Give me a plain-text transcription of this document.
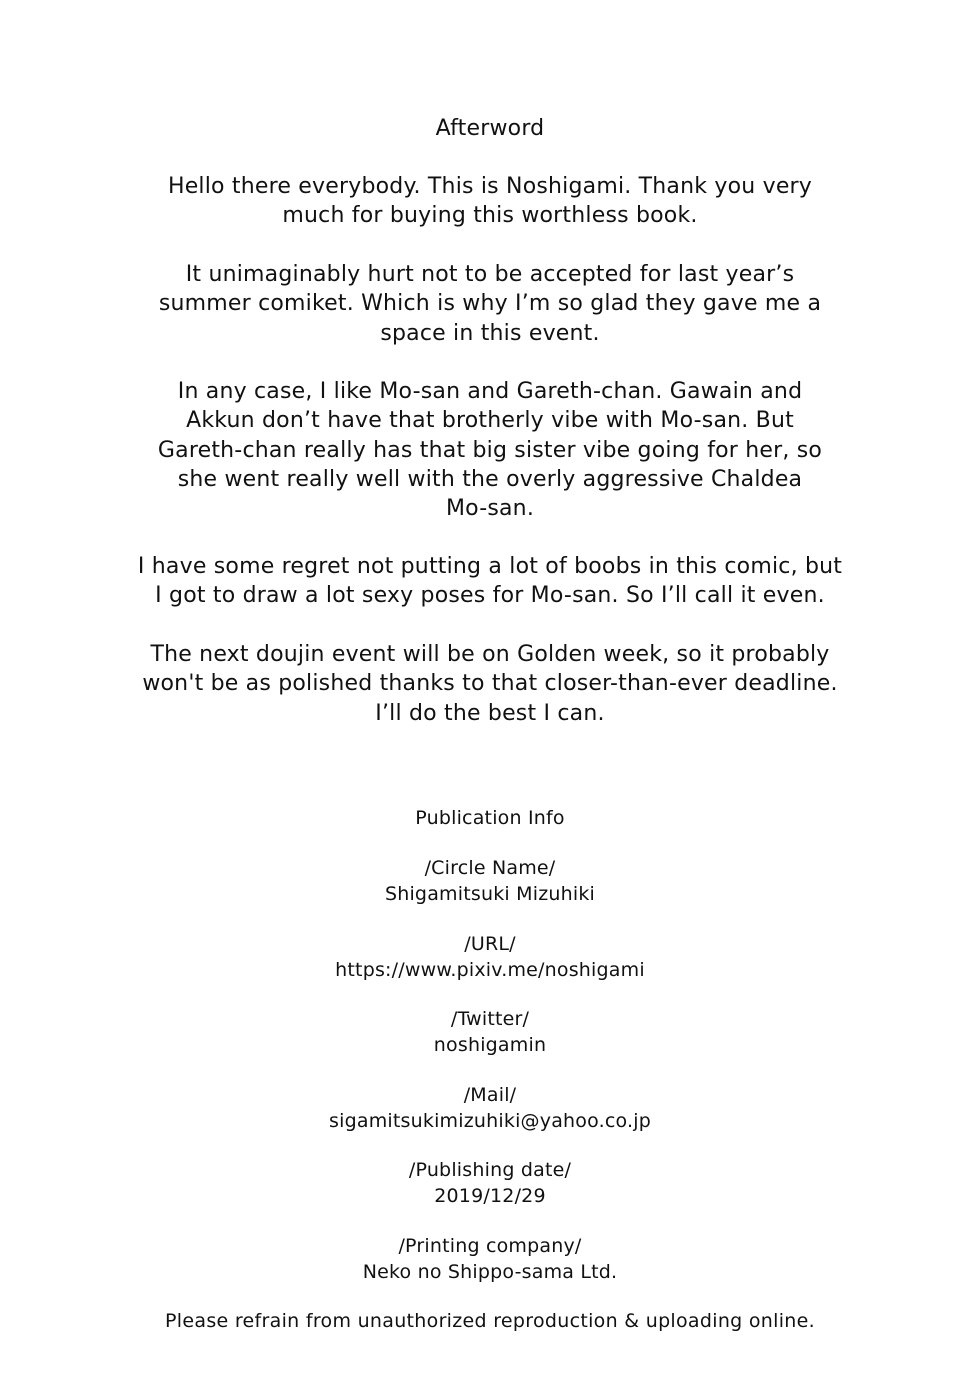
Afterword
Hello there everybody. This is Noshigami. Thank you very
much for buying this worthless book.
It unimaginably hurt not to be accepted for last year’s
summer comiket. Which is why I’m so glad they gave me a
space in this event.
In any case, I like Mo-san and Gareth-chan. Gawain and
Akkun don’t have that brotherly vibe with Mo-san. But
Gareth-chan really has that big sister vibe going for her, so
she went really well with the overly aggressive Chaldea
Mo-san.
I have some regret not putting a lot of boobs in this comic, but
I got to draw a lot sexy poses for Mo-san. So I’ll call it even.
The next doujin event will be on Golden week, so it probably
won't be as polished thanks to that closer-than-ever deadline.
I’ll do the best I can.
Publication Info
/Circle Name/
Shigamitsuki Mizuhiki
/URL/
https://www.pixiv.me/noshigami
/Twitter/
noshigamin
/Mail/
sigamitsukimizuhiki@yahoo.co.jp
/Publishing date/
2019/12/29
/Printing company/
Neko no Shippo-sama Ltd.
Please refrain from unauthorized reproduction & uploading online.
